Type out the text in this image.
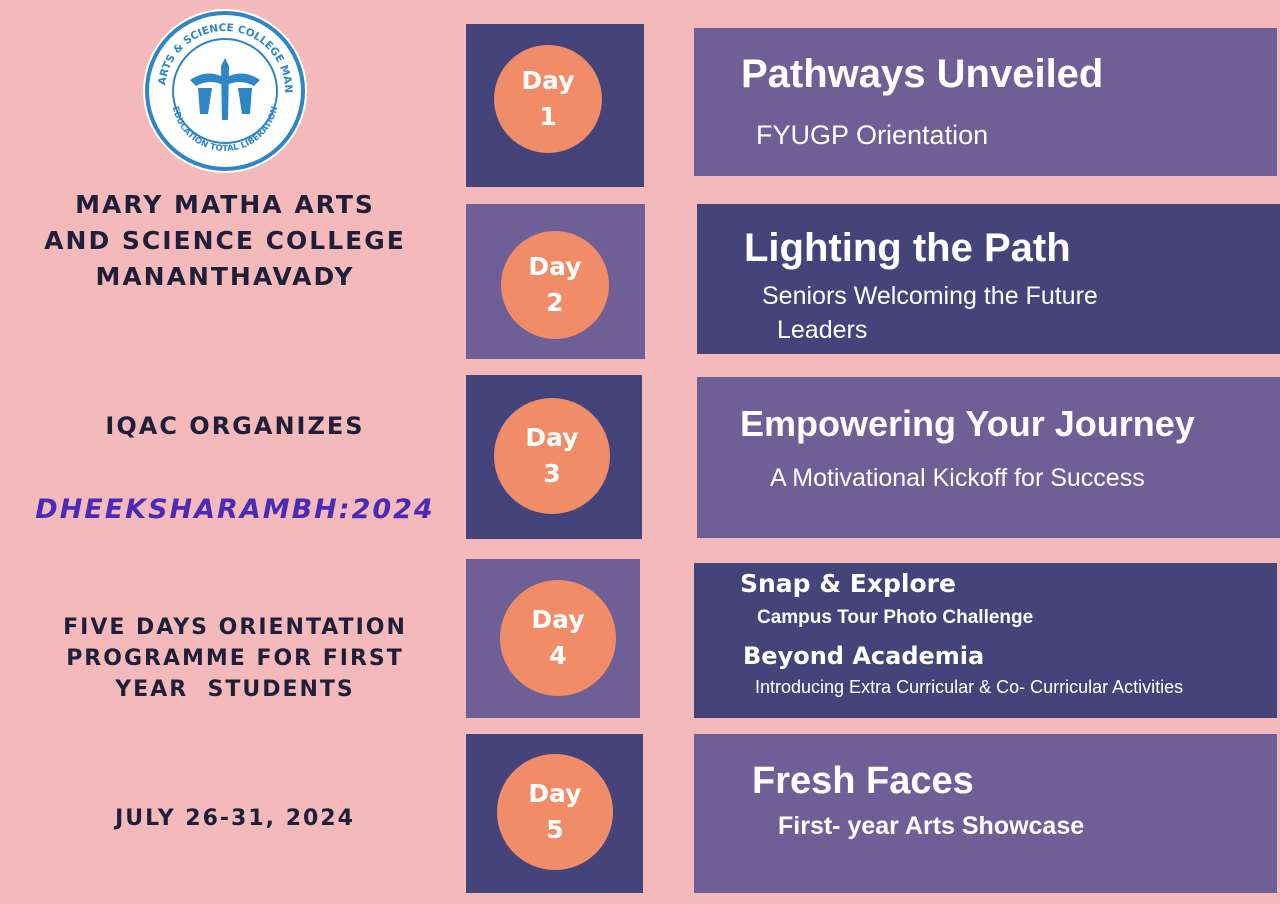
ARTS & SCIENCE COLLEGE MAN
EDUCATION TOTAL LIBERATION

MARY MATHA ARTS
AND SCIENCE COLLEGE
MANANTHAVADY

IQAC ORGANIZES

DHEEKSHARAMBH:2024

FIVE DAYS ORIENTATION
PROGRAMME FOR FIRST
YEAR  STUDENTS

JULY 26-31, 2024

Day
1
Pathways Unveiled
FYUGP Orientation
Day
2
Lighting the Path
Seniors Welcoming the Future
Leaders
Day
3
Empowering Your Journey
A Motivational Kickoff for Success
Day
4
Snap & Explore
Campus Tour Photo Challenge
Beyond Academia
Introducing Extra Curricular & Co- Curricular Activities
Day
5
Fresh Faces
First- year Arts Showcase
